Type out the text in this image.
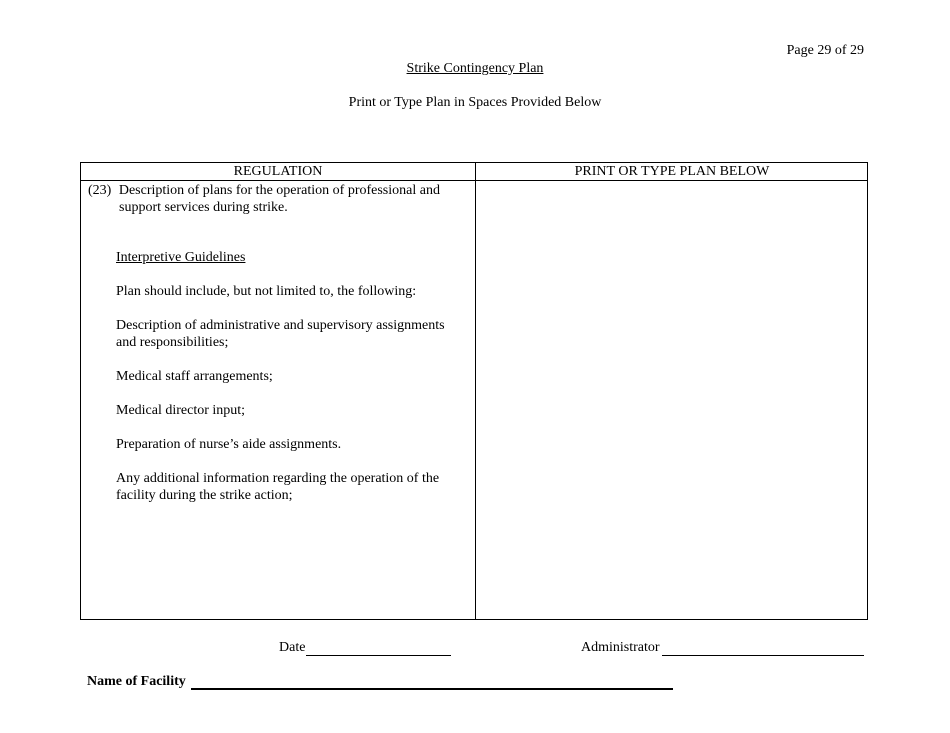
Page 29 of 29
Strike Contingency Plan
Print or Type Plan in Spaces Provided Below
REGULATION	PRINT OR TYPE PLAN BELOW
(23) Description of plans for the operation of professional and
support services during strike.
Interpretive Guidelines
Plan should include, but not limited to, the following:
Description of administrative and supervisory assignments
and responsibilities;
Medical staff arrangements;
Medical director input;
Preparation of nurse’s aide assignments.
Any additional information regarding the operation of the
facility during the strike action;
Date	Administrator
Name of Facility
